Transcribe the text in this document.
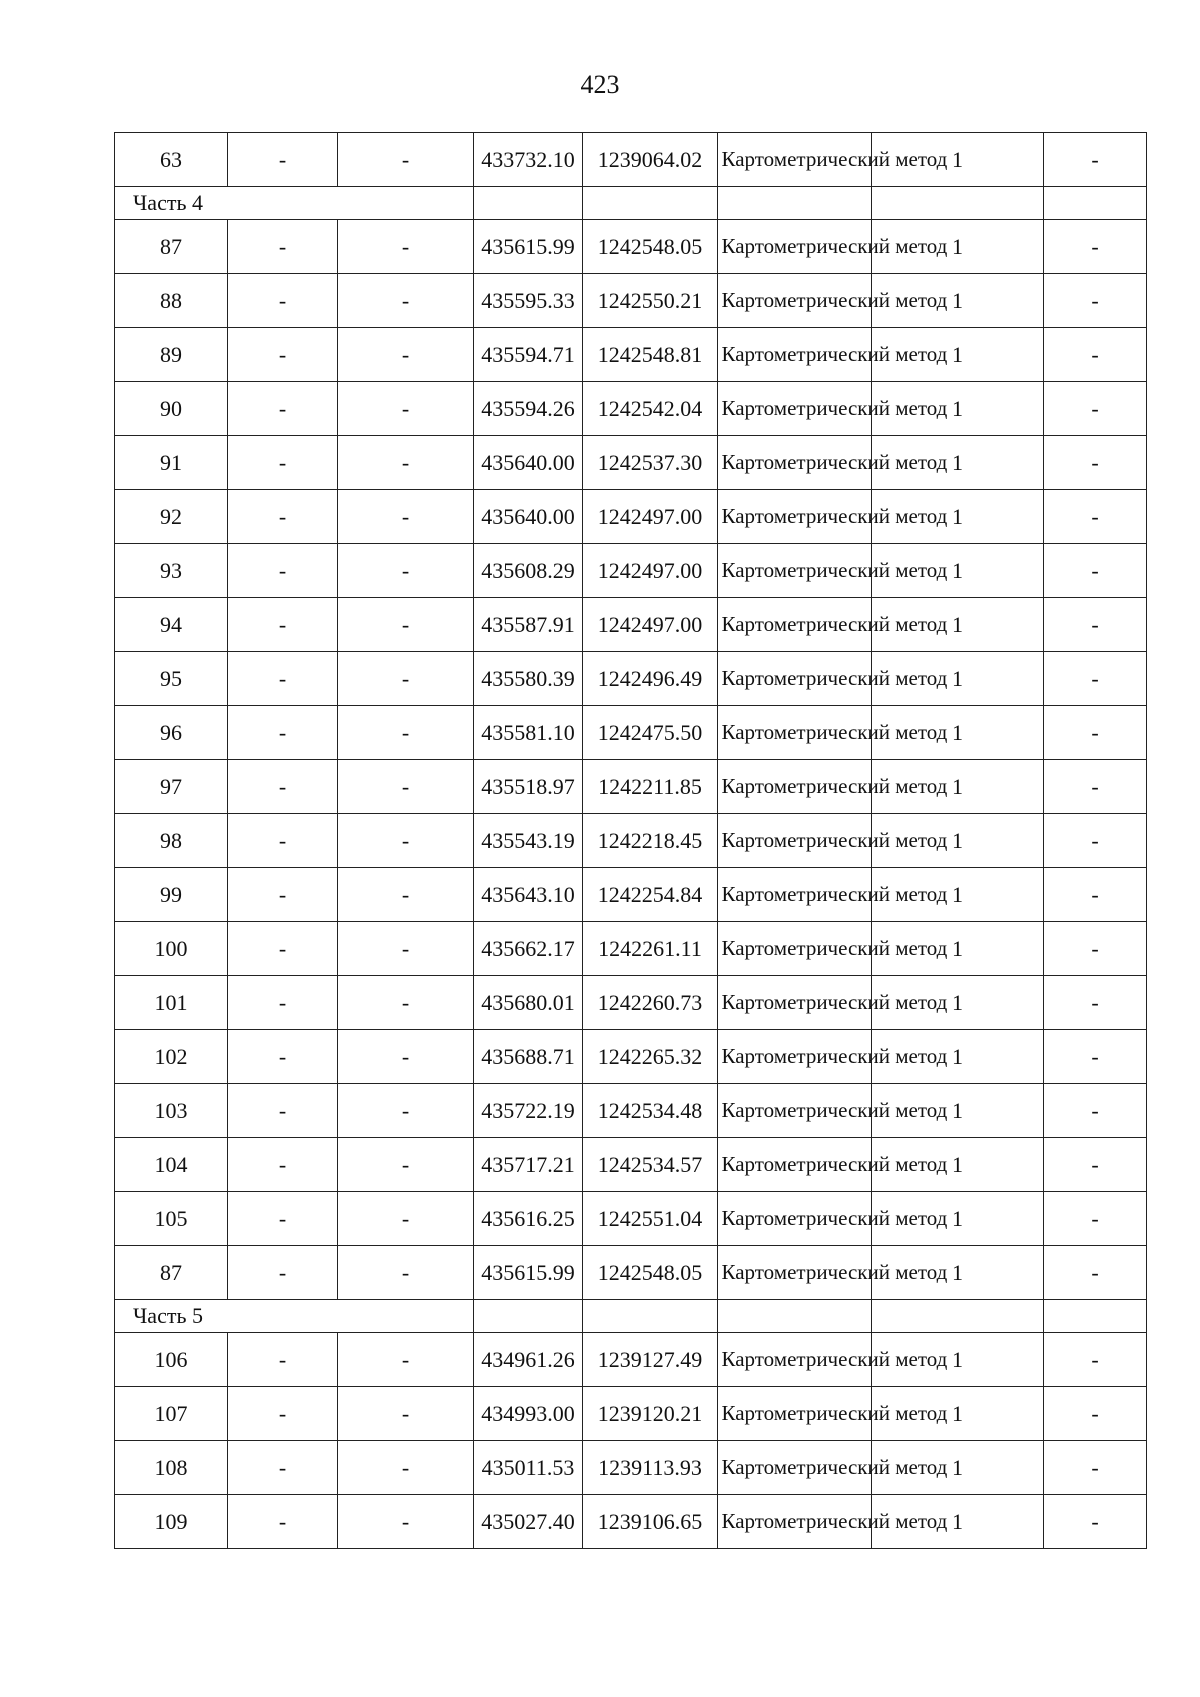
423
63	-	-	433732.10	1239064.02	Картометрический метод	1	-
Часть 4							
87	-	-	435615.99	1242548.05	Картометрический метод	1	-
88	-	-	435595.33	1242550.21	Картометрический метод	1	-
89	-	-	435594.71	1242548.81	Картометрический метод	1	-
90	-	-	435594.26	1242542.04	Картометрический метод	1	-
91	-	-	435640.00	1242537.30	Картометрический метод	1	-
92	-	-	435640.00	1242497.00	Картометрический метод	1	-
93	-	-	435608.29	1242497.00	Картометрический метод	1	-
94	-	-	435587.91	1242497.00	Картометрический метод	1	-
95	-	-	435580.39	1242496.49	Картометрический метод	1	-
96	-	-	435581.10	1242475.50	Картометрический метод	1	-
97	-	-	435518.97	1242211.85	Картометрический метод	1	-
98	-	-	435543.19	1242218.45	Картометрический метод	1	-
99	-	-	435643.10	1242254.84	Картометрический метод	1	-
100	-	-	435662.17	1242261.11	Картометрический метод	1	-
101	-	-	435680.01	1242260.73	Картометрический метод	1	-
102	-	-	435688.71	1242265.32	Картометрический метод	1	-
103	-	-	435722.19	1242534.48	Картометрический метод	1	-
104	-	-	435717.21	1242534.57	Картометрический метод	1	-
105	-	-	435616.25	1242551.04	Картометрический метод	1	-
87	-	-	435615.99	1242548.05	Картометрический метод	1	-
Часть 5							
106	-	-	434961.26	1239127.49	Картометрический метод	1	-
107	-	-	434993.00	1239120.21	Картометрический метод	1	-
108	-	-	435011.53	1239113.93	Картометрический метод	1	-
109	-	-	435027.40	1239106.65	Картометрический метод	1	-
